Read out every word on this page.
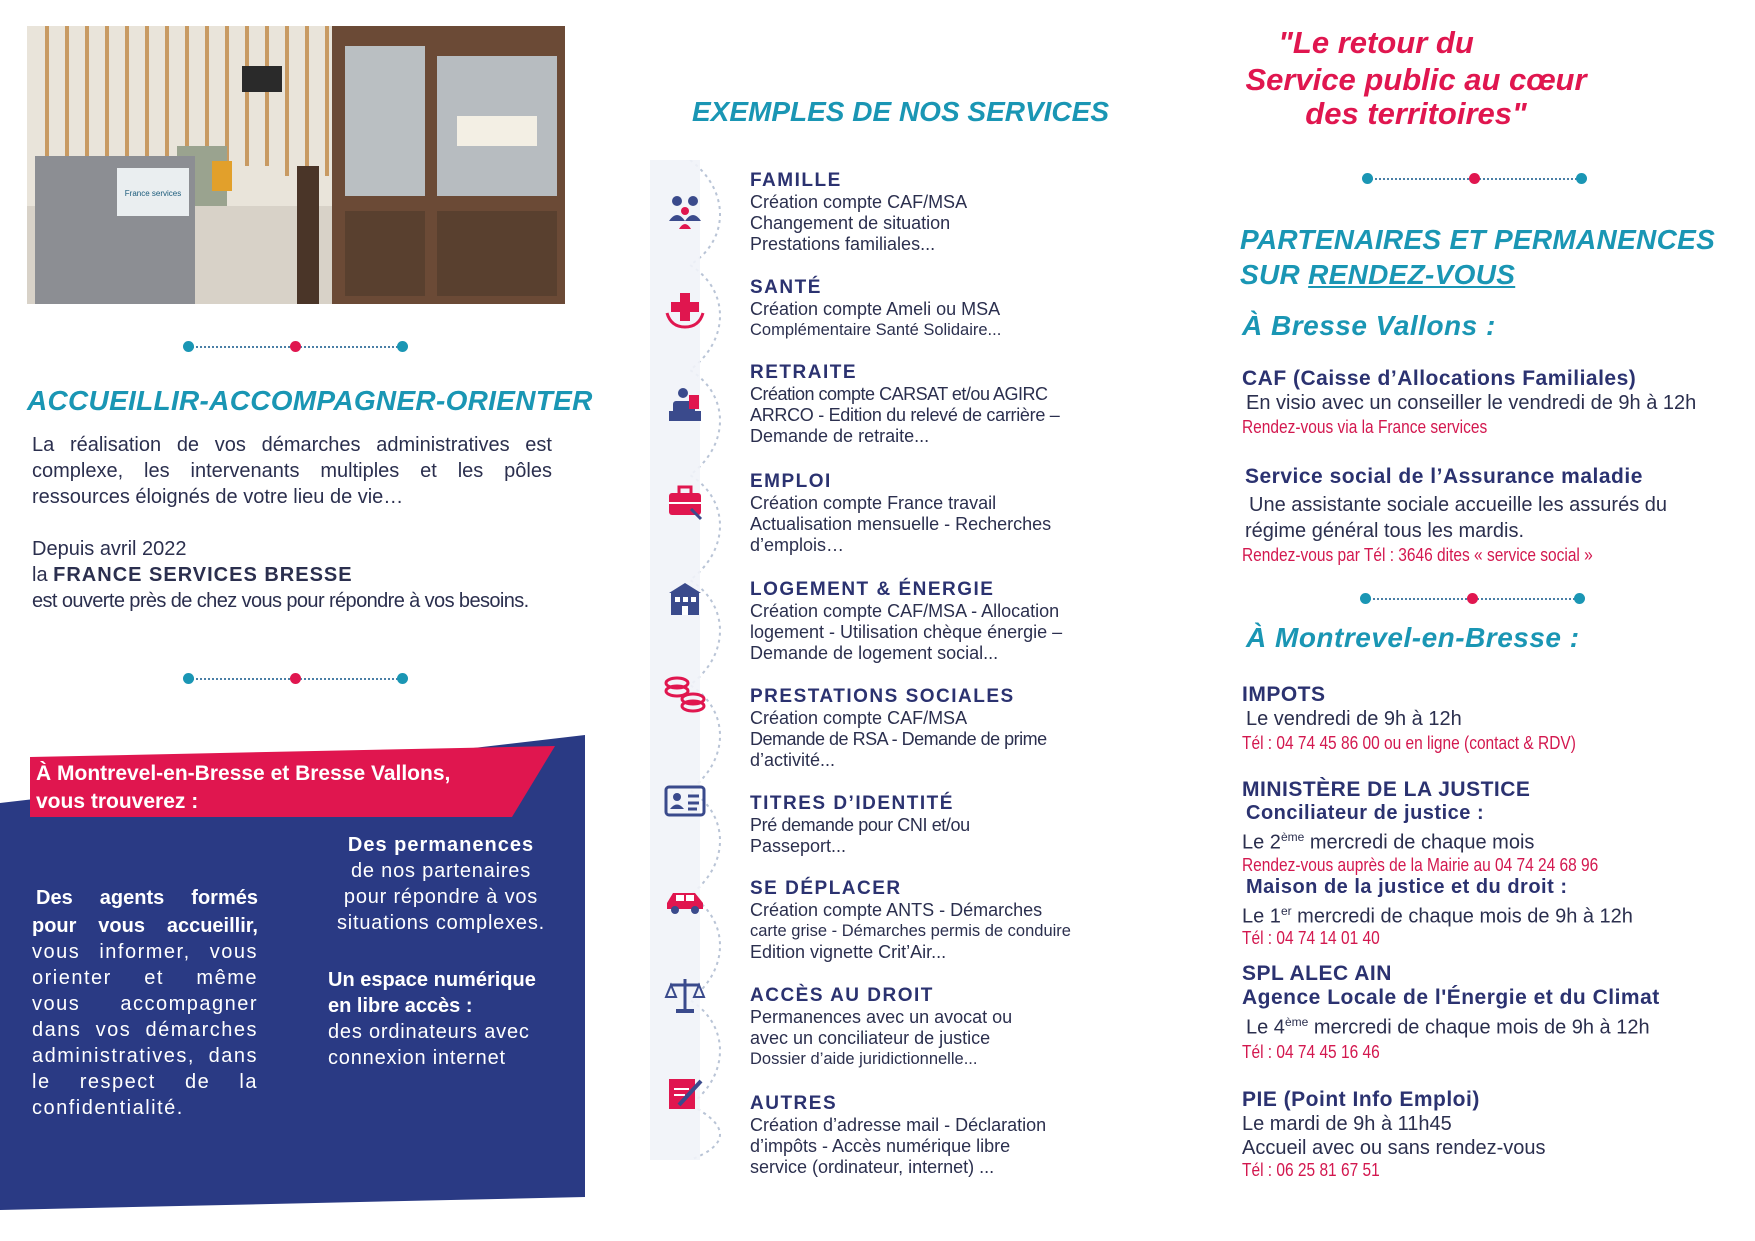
France services
ACCUEILLIR-ACCOMPAGNER-ORIENTER
La réalisation de vos démarches administratives est complexe, les intervenants multiples et les pôles ressources éloignés de votre lieu de vie…
Depuis avril 2022
la FRANCE SERVICES BRESSE
est ouverte près de chez vous pour répondre à vos besoins.
À Montrevel-en-Bresse et Bresse Vallons,
vous trouverez :
Des agents formés pour vous accueillir, vous informer, vous orienter et même vous accompagner dans vos démarches administratives, dans le respect de la confidentialité.
Des permanences
de nos partenaires pour répondre à vos situations complexes.
Un espace numérique en libre accès :
des ordinateurs avec connexion internet
EXEMPLES DE NOS SERVICES
FAMILLE
Création compte CAF/MSA
Changement de situation
Prestations familiales...
SANTÉ
Création compte Ameli ou MSA
Complémentaire Santé Solidaire...
RETRAITE
Création compte CARSAT et/ou AGIRC
ARRCO - Edition du relevé de carrière –
Demande de retraite...
EMPLOI
Création compte France travail
Actualisation mensuelle - Recherches
d’emplois…
LOGEMENT & ÉNERGIE
Création compte CAF/MSA - Allocation
logement - Utilisation chèque énergie –
Demande de logement social...
PRESTATIONS SOCIALES
Création compte CAF/MSA
Demande de RSA - Demande de prime
d’activité...
TITRES D’IDENTITÉ
Pré demande pour CNI et/ou
Passeport...
SE DÉPLACER
Création compte ANTS - Démarches
carte grise - Démarches permis de conduire
Edition vignette Crit’Air...
ACCÈS AU DROIT
Permanences avec un avocat ou
avec un conciliateur de justice
Dossier d’aide juridictionnelle...
AUTRES
Création d’adresse mail - Déclaration
d’impôts - Accès numérique libre
service (ordinateur, internet) ...
"Le retour du
Service public au cœur
des territoires"
PARTENAIRES ET PERMANENCES
SUR RENDEZ-VOUS
À Bresse Vallons :
CAF (Caisse d’Allocations Familiales)
En visio avec un conseiller le vendredi de 9h à 12h
Rendez-vous via la France services
Service social de l’Assurance maladie
Une assistante sociale accueille les assurés du
régime général tous les mardis.
Rendez-vous par Tél : 3646 dites « service social »
À Montrevel-en-Bresse :
IMPOTS
Le vendredi de 9h à 12h
Tél : 04 74 45 86 00 ou en ligne (contact & RDV)
MINISTÈRE DE LA JUSTICE
Conciliateur de justice :
Le 2ème mercredi de chaque mois
Rendez-vous auprès de la Mairie au 04 74 24 68 96
Maison de la justice et du droit :
Le 1er mercredi de chaque mois de 9h à 12h
Tél : 04 74 14 01 40
SPL ALEC AIN
Agence Locale de l'Énergie et du Climat
Le 4ème mercredi de chaque mois de 9h à 12h
Tél : 04 74 45 16 46
PIE (Point Info Emploi)
Le mardi de 9h à 11h45
Accueil avec ou sans rendez-vous
Tél : 06 25 81 67 51
